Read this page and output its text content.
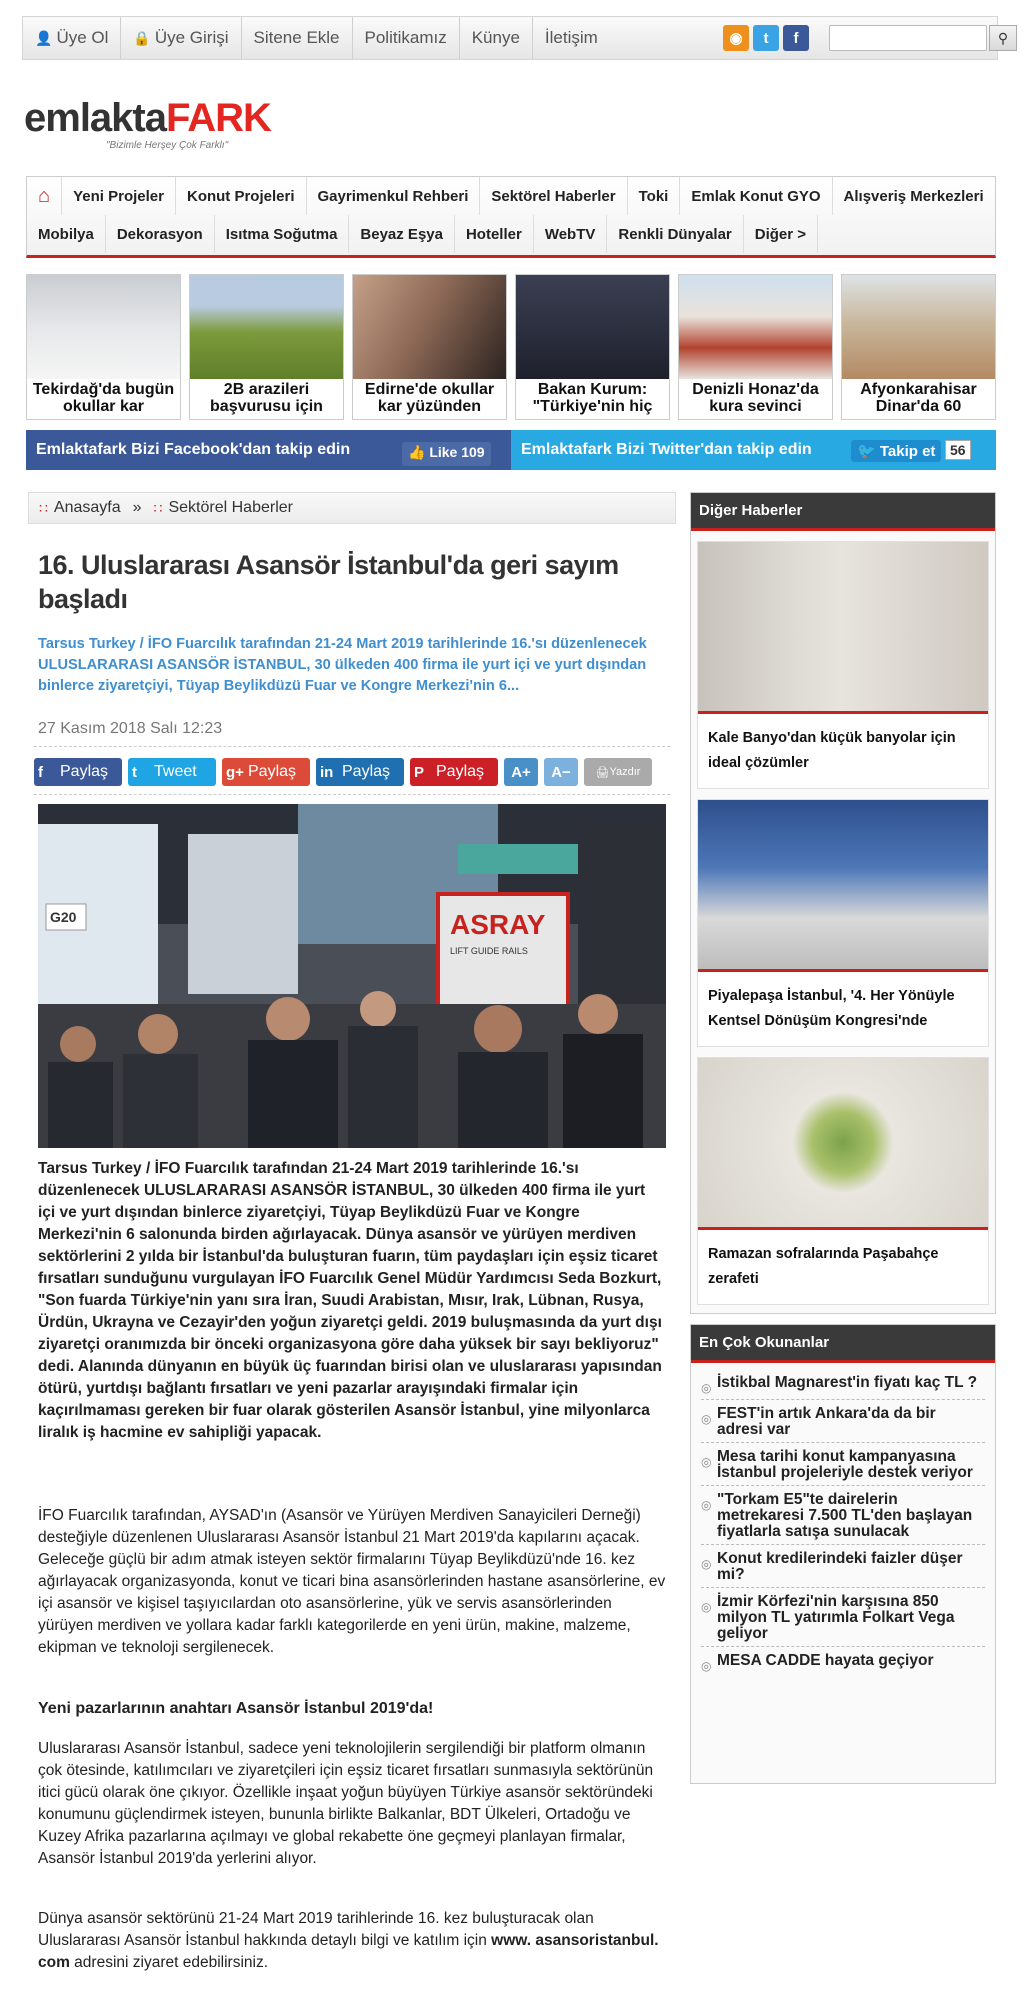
👤 Üye Ol 🔒 Üye Girişi	Sitene Ekle	Politikamız	Künye	İletişim	◉	t	f	⚲
emlaktaFARK
"Bizimle Herşey Çok Farklı"
⌂	Yeni Projeler	Konut Projeleri	Gayrimenkul Rehberi	Sektörel Haberler	Toki	Emlak Konut GYO	Alışveriş Merkezleri
Mobilya	Dekorasyon	Isıtma Soğutma	Beyaz Eşya	Hoteller	WebTV	Renkli Dünyalar	Diğer >
Tekirdağ'da bugün okullar kar
2B arazileri başvurusu için
Edirne'de okullar kar yüzünden
Bakan Kurum: "Türkiye'nin hiç
Denizli Honaz'da kura sevinci
Afyonkarahisar Dinar'da 60
Emlaktafark Bizi Facebook'dan takip edin	👍 Like 109	Emlaktafark Bizi Twitter'dan takip edin	🐦 Takip et	56
∷ Anasayfa » ∷ Sektörel Haberler
16. Uluslararası Asansör İstanbul'da geri sayım başladı
Tarsus Turkey / İFO Fuarcılık tarafından 21-24 Mart 2019 tarihlerinde 16.'sı düzenlenecek ULUSLARARASI ASANSÖR İSTANBUL, 30 ülkeden 400 firma ile yurt içi ve yurt dışından binlerce ziyaretçiyi, Tüyap Beylikdüzü Fuar ve Kongre Merkezi'nin 6...
27 Kasım 2018 Salı 12:23
f	Paylaş t	Tweet g+ Paylaş in Paylaş P Paylaş	A+	A−	🖨 Yazdır
G20	ASRAY
LIFT GUIDE RAILS
Tarsus Turkey / İFO Fuarcılık tarafından 21-24 Mart 2019 tarihlerinde 16.'sı düzenlenecek ULUSLARARASI ASANSÖR İSTANBUL, 30 ülkeden 400 firma ile yurt içi ve yurt dışından binlerce ziyaretçiyi, Tüyap Beylikdüzü Fuar ve Kongre Merkezi'nin 6 salonunda birden ağırlayacak. Dünya asansör ve yürüyen merdiven sektörlerini 2 yılda bir İstanbul'da buluşturan fuarın, tüm paydaşları için eşsiz ticaret fırsatları sunduğunu vurgulayan İFO Fuarcılık Genel Müdür Yardımcısı Seda Bozkurt, "Son fuarda Türkiye'nin yanı sıra İran, Suudi Arabistan, Mısır, Irak, Lübnan, Rusya, Ürdün, Ukrayna ve Cezayir'den yoğun ziyaretçi geldi. 2019 buluşmasında da yurt dışı ziyaretçi oranımızda bir önceki organizasyona göre daha yüksek bir sayı bekliyoruz" dedi. Alanında dünyanın en büyük üç fuarından birisi olan ve uluslararası yapısından ötürü, yurtdışı bağlantı fırsatları ve yeni pazarlar arayışındaki firmalar için kaçırılmaması gereken bir fuar olarak gösterilen Asansör İstanbul, yine milyonlarca liralık iş hacmine ev sahipliği yapacak.
İFO Fuarcılık tarafından, AYSAD'ın (Asansör ve Yürüyen Merdiven Sanayicileri Derneği) desteğiyle düzenlenen Uluslararası Asansör İstanbul 21 Mart 2019'da kapılarını açacak. Geleceğe güçlü bir adım atmak isteyen sektör firmalarını Tüyap Beylikdüzü'nde 16. kez ağırlayacak organizasyonda, konut ve ticari bina asansörlerinden hastane asansörlerine, ev içi asansör ve kişisel taşıyıcılardan oto asansörlerine, yük ve servis asansörlerinden yürüyen merdiven ve yollara kadar farklı kategorilerde en yeni ürün, makine, malzeme, ekipman ve teknoloji sergilenecek.
Yeni pazarlarının anahtarı Asansör İstanbul 2019'da!
Uluslararası Asansör İstanbul, sadece yeni teknolojilerin sergilendiği bir platform olmanın çok ötesinde, katılımcıları ve ziyaretçileri için eşsiz ticaret fırsatları sunmasıyla sektörünün itici gücü olarak öne çıkıyor. Özellikle inşaat yoğun büyüyen Türkiye asansör sektöründeki konumunu güçlendirmek isteyen, bununla birlikte Balkanlar, BDT Ülkeleri, Ortadoğu ve Kuzey Afrika pazarlarına açılmayı ve global rekabette öne geçmeyi planlayan firmalar, Asansör İstanbul 2019'da yerlerini alıyor.
Dünya asansör sektörünü 21-24 Mart 2019 tarihlerinde 16. kez buluşturacak olan Uluslararası Asansör İstanbul hakkında detaylı bilgi ve katılım için www. asansoristanbul. com adresini ziyaret edebilirsiniz.
Diğer Haberler
Kale Banyo'dan küçük banyolar için ideal çözümler
Piyalepaşa İstanbul, '4. Her Yönüyle Kentsel Dönüşüm Kongresi'nde
Ramazan sofralarında Paşabahçe zerafeti
En Çok Okunanlar
◎ İstikbal Magnarest'in fiyatı kaç TL ?
◎ FEST'in artık Ankara'da da bir adresi var
◎ Mesa tarihi konut kampanyasına İstanbul projeleriyle destek veriyor
◎ "Torkam E5"te dairelerin metrekaresi 7.500 TL'den başlayan fiyatlarla satışa sunulacak
◎ Konut kredilerindeki faizler düşer mi?
◎ İzmir Körfezi'nin karşısına 850 milyon TL yatırımla Folkart Vega geliyor
◎ MESA CADDE hayata geçiyor
